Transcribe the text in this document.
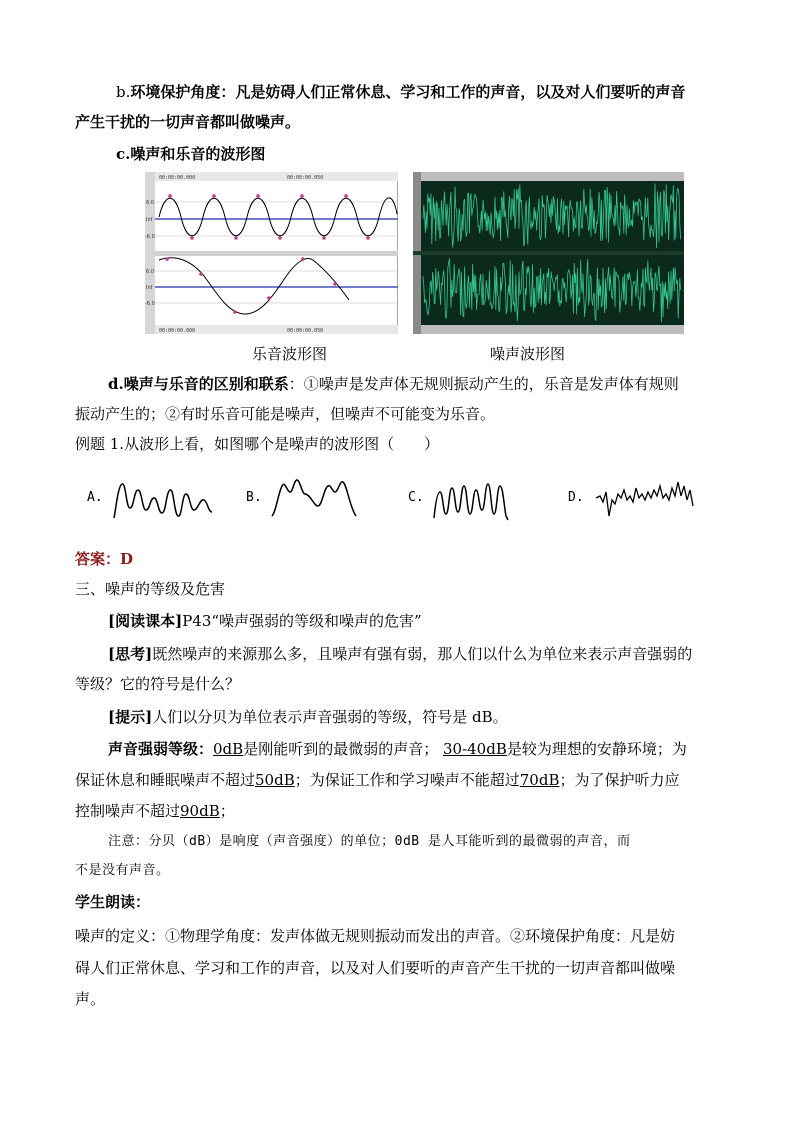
b.环境保护角度：凡是妨碍人们正常休息、学习和工作的声音，以及对人们要听的声音
产生干扰的一切声音都叫做噪声。
c.噪声和乐音的波形图
6.0
Inf
-6.0
6.0
Inf
-6.0
00:00:00.000	00:00:00.050
00:00:00.000	00:00:00.050
乐音波形图	噪声波形图
d.噪声与乐音的区别和联系：①噪声是发声体无规则振动产生的，乐音是发声体有规则
振动产生的；②有时乐音可能是噪声，但噪声不可能变为乐音。
例题 1.从波形上看，如图哪个是噪声的波形图（　　）
A.	B.	C.	D.
答案：D
三、噪声的等级及危害
[阅读课本]P43“噪声强弱的等级和噪声的危害”
[思考]既然噪声的来源那么多，且噪声有强有弱，那人们以什么为单位来表示声音强弱的
等级？它的符号是什么？
[提示]人们以分贝为单位表示声音强弱的等级，符号是 dB。
声音强弱等级：0dB是刚能听到的最微弱的声音； 30-40dB是较为理想的安静环境；为
保证休息和睡眠噪声不超过50dB；为保证工作和学习噪声不能超过70dB；为了保护听力应
控制噪声不超过90dB；
注意：分贝（dB）是响度（声音强度）的单位；0dB 是人耳能听到的最微弱的声音，而
不是没有声音。
学生朗读：
噪声的定义：①物理学角度：发声体做无规则振动而发出的声音。②环境保护角度：凡是妨
碍人们正常休息、学习和工作的声音，以及对人们要听的声音产生干扰的一切声音都叫做噪
声。
